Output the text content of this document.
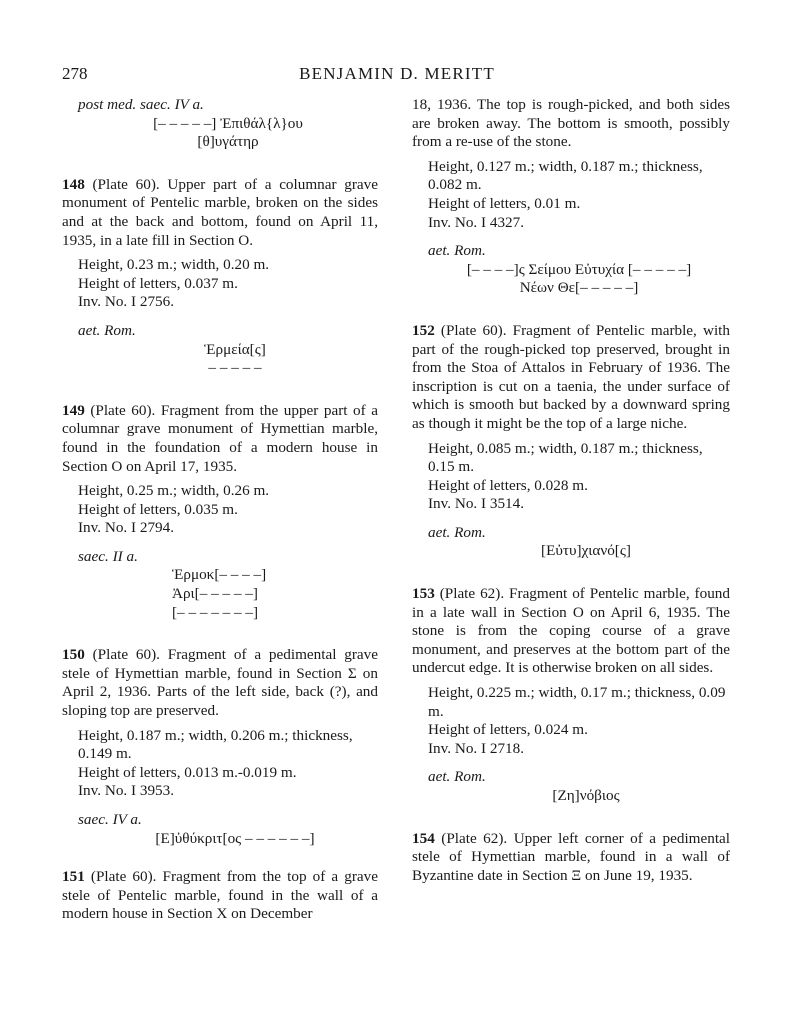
278	BENJAMIN D. MERITT
post med. saec. IV a.
[– – – – –] Ἐπιθάλ{λ}ου
[θ]υγάτηρ
148 (Plate 60). Upper part of a columnar grave monument of Pentelic marble, broken on the sides and at the back and bottom, found on April 11, 1935, in a late fill in Section O.
Height, 0.23 m.; width, 0.20 m.
Height of letters, 0.037 m.
Inv. No. I 2756.
aet. Rom.
Ἑρμεία[ς]
– – – – –
149 (Plate 60). Fragment from the upper part of a columnar grave monument of Hymettian marble, found in the foundation of a modern house in Section O on April 17, 1935.
Height, 0.25 m.; width, 0.26 m.
Height of letters, 0.035 m.
Inv. No. I 2794.
saec. II a.
Ἑρμοκ[– – – –]
Ἀρι[– – – – –]
[– – – – – – –]
150 (Plate 60). Fragment of a pedimental grave stele of Hymettian marble, found in Section Σ on April 2, 1936. Parts of the left side, back (?), and sloping top are preserved.
Height, 0.187 m.; width, 0.206 m.; thickness, 0.149 m.
Height of letters, 0.013 m.-0.019 m.
Inv. No. I 3953.
saec. IV a.
[Ε]ὐθύκριτ[ος – – – – – –]
151 (Plate 60). Fragment from the top of a grave stele of Pentelic marble, found in the wall of a modern house in Section X on December
18, 1936. The top is rough-picked, and both sides are broken away. The bottom is smooth, possibly from a re-use of the stone.
Height, 0.127 m.; width, 0.187 m.; thickness, 0.082 m.
Height of letters, 0.01 m.
Inv. No. I 4327.
aet. Rom.
[– – – –]ς Σείμου Εὐτυχία [– – – – –]
Νέων Θε[– – – – –]
152 (Plate 60). Fragment of Pentelic marble, with part of the rough-picked top preserved, brought in from the Stoa of Attalos in February of 1936. The inscription is cut on a taenia, the under surface of which is smooth but backed by a downward spring as though it might be the top of a large niche.
Height, 0.085 m.; width, 0.187 m.; thickness, 0.15 m.
Height of letters, 0.028 m.
Inv. No. I 3514.
aet. Rom.
[Εὐτυ]χιανό[ς]
153 (Plate 62). Fragment of Pentelic marble, found in a late wall in Section O on April 6, 1935. The stone is from the coping course of a grave monument, and preserves at the bottom part of the undercut edge. It is otherwise broken on all sides.
Height, 0.225 m.; width, 0.17 m.; thickness, 0.09 m.
Height of letters, 0.024 m.
Inv. No. I 2718.
aet. Rom.
[Ζη]νόβιος
154 (Plate 62). Upper left corner of a pedimental stele of Hymettian marble, found in a wall of Byzantine date in Section Ξ on June 19, 1935.
